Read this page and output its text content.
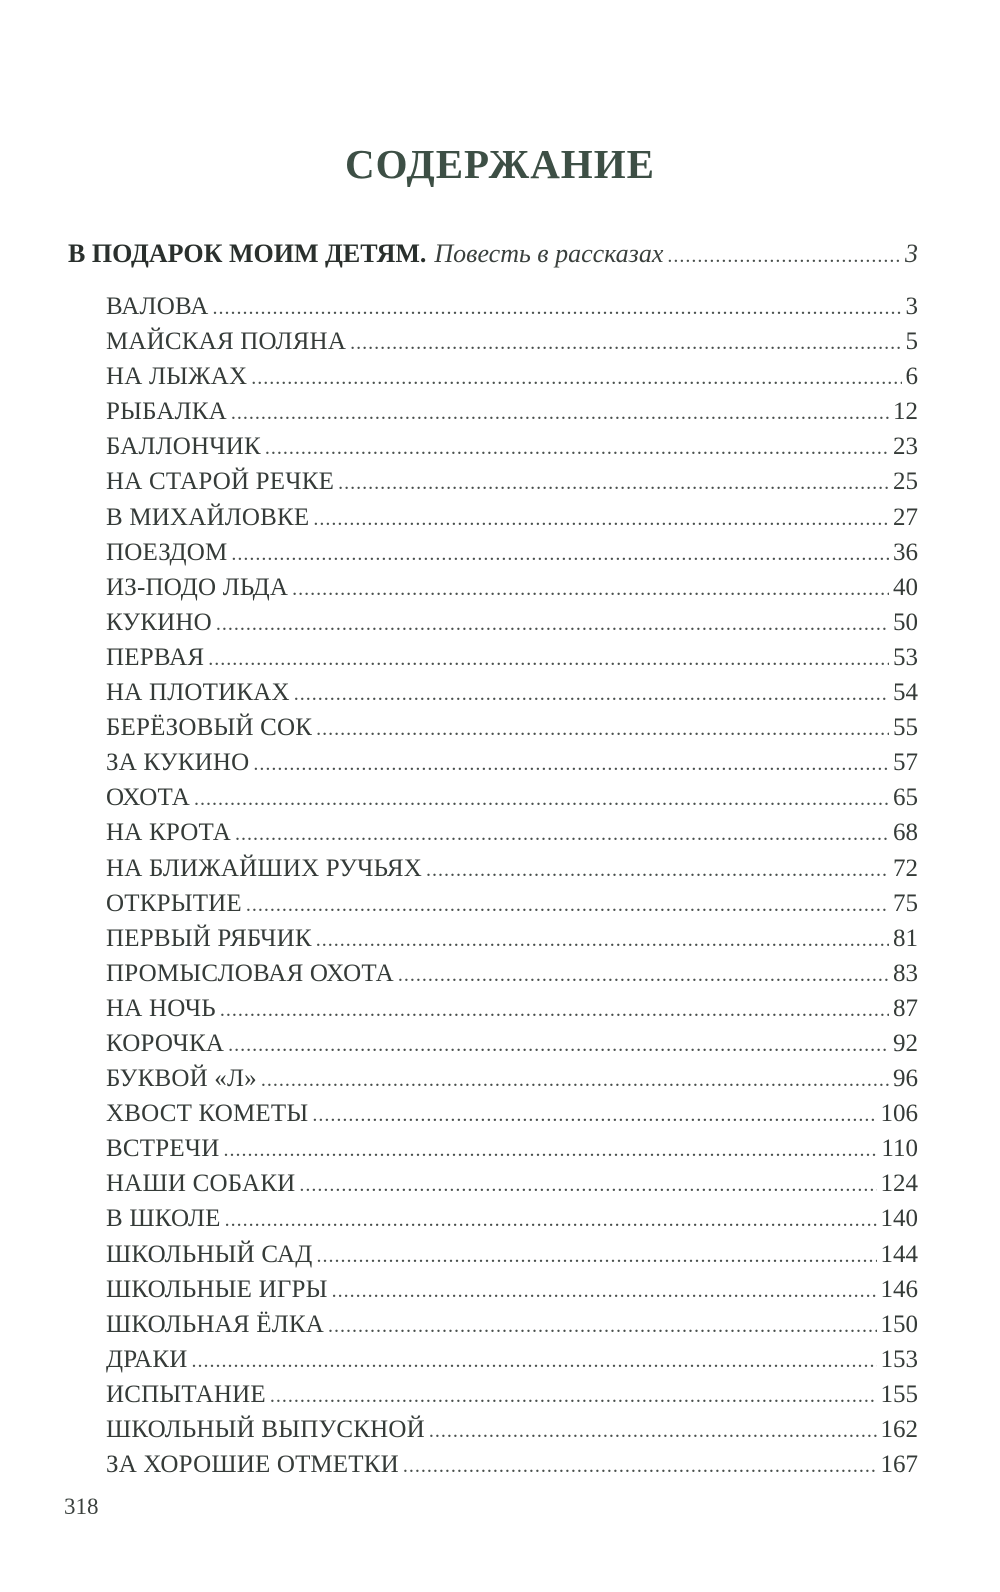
СОДЕРЖАНИЕ
В ПОДАРОК МОИМ ДЕТЯМ. Повесть в рассказах .....	3
ВАЛОВА .....	3
МАЙСКАЯ ПОЛЯНА .....	5
НА ЛЫЖАХ .....	6
РЫБАЛКА .....	12
БАЛЛОНЧИК .....	23
НА СТАРОЙ РЕЧКЕ .....	25
В МИХАЙЛОВКЕ .....	27
ПОЕЗДОМ .....	36
ИЗ-ПОДО ЛЬДА .....	40
КУКИНО .....	50
ПЕРВАЯ .....	53
НА ПЛОТИКАХ .....	54
БЕРЁЗОВЫЙ СОК .....	55
ЗА КУКИНО .....	57
ОХОТА .....	65
НА КРОТА .....	68
НА БЛИЖАЙШИХ РУЧЬЯХ .....	72
ОТКРЫТИЕ .....	75
ПЕРВЫЙ РЯБЧИК .....	81
ПРОМЫСЛОВАЯ ОХОТА .....	83
НА НОЧЬ .....	87
КОРОЧКА .....	92
БУКВОЙ «Л» .....	96
ХВОСТ КОМЕТЫ .....	106
ВСТРЕЧИ .....	110
НАШИ СОБАКИ .....	124
В ШКОЛЕ .....	140
ШКОЛЬНЫЙ САД .....	144
ШКОЛЬНЫЕ ИГРЫ .....	146
ШКОЛЬНАЯ ЁЛКА .....	150
ДРАКИ .....	153
ИСПЫТАНИЕ .....	155
ШКОЛЬНЫЙ ВЫПУСКНОЙ .....	162
ЗА ХОРОШИЕ ОТМЕТКИ .....	167
318
